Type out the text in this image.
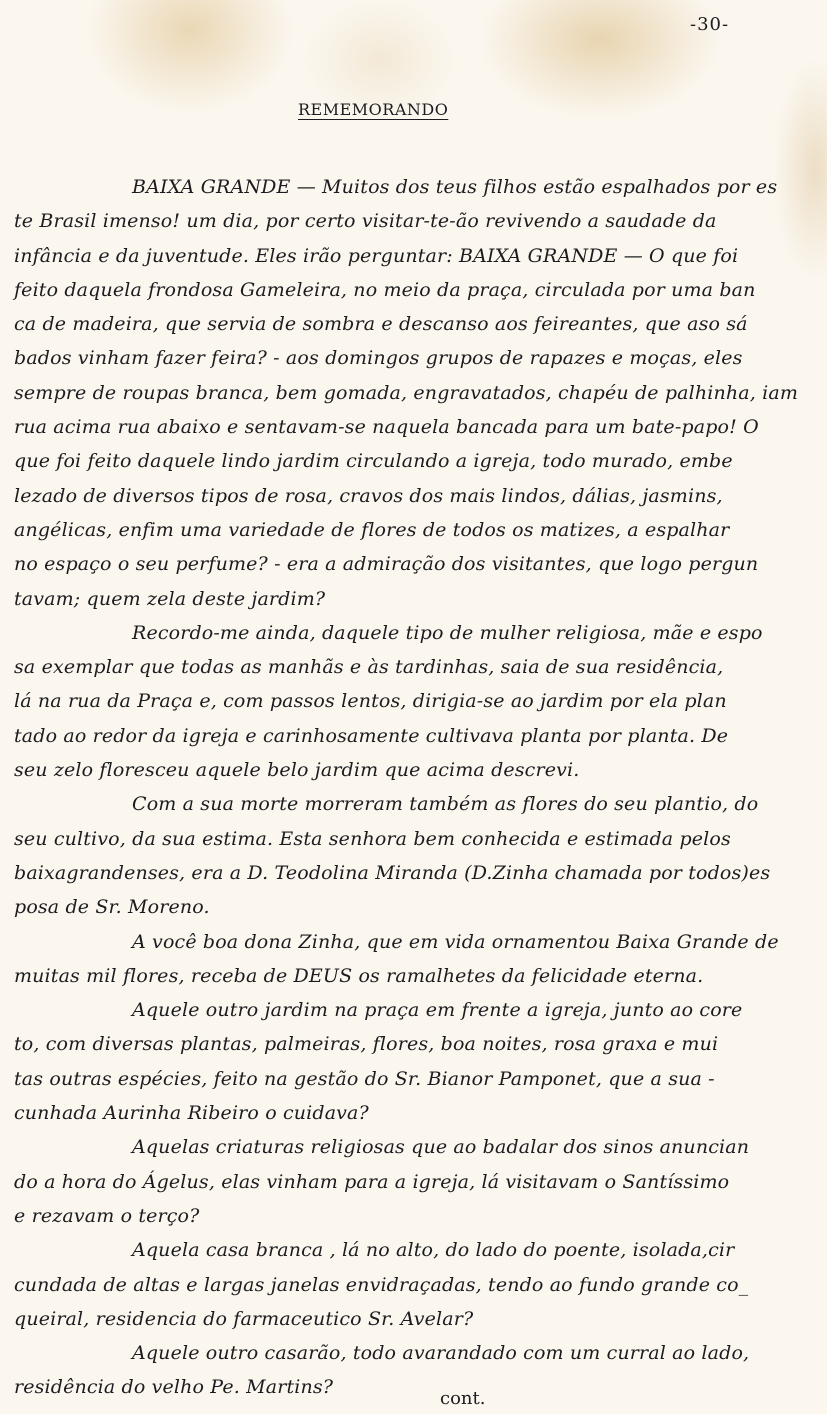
-30-
REMEMORANDO
BAIXA GRANDE — Muitos dos teus filhos estão espalhados por es
te Brasil imenso! um dia, por certo visitar-te-ão revivendo a saudade da
infância e da juventude. Eles irão perguntar: BAIXA GRANDE — O que foi
feito daquela frondosa Gameleira, no meio da praça, circulada por uma ban
ca de madeira, que servia de sombra e descanso aos feireantes, que aso sá
bados vinham fazer feira? - aos domingos grupos de rapazes e moças, eles
sempre de roupas branca, bem gomada, engravatados, chapéu de palhinha, iam
rua acima rua abaixo e sentavam-se naquela bancada para um bate-papo! O
que foi feito daquele lindo jardim circulando a igreja, todo murado, embe
lezado de diversos tipos de rosa, cravos dos mais lindos, dálias, jasmins,
angélicas, enfim uma variedade de flores de todos os matizes, a espalhar
no espaço o seu perfume? - era a admiração dos visitantes, que logo pergun
tavam; quem zela deste jardim?
Recordo-me ainda, daquele tipo de mulher religiosa, mãe e espo
sa exemplar que todas as manhãs e às tardinhas, saia de sua residência,
lá na rua da Praça e, com passos lentos, dirigia-se ao jardim por ela plan
tado ao redor da igreja e carinhosamente cultivava planta por planta. De
seu zelo floresceu aquele belo jardim que acima descrevi.
Com a sua morte morreram também as flores do seu plantio, do
seu cultivo, da sua estima. Esta senhora bem conhecida e estimada pelos
baixagrandenses, era a D. Teodolina Miranda (D.Zinha chamada por todos)es
posa de Sr. Moreno.
A você boa dona Zinha, que em vida ornamentou Baixa Grande de
muitas mil flores, receba de DEUS os ramalhetes da felicidade eterna.
Aquele outro jardim na praça em frente a igreja, junto ao core
to, com diversas plantas, palmeiras, flores, boa noites, rosa graxa e mui
tas outras espécies, feito na gestão do Sr. Bianor Pamponet, que a sua -
cunhada Aurinha Ribeiro o cuidava?
Aquelas criaturas religiosas que ao badalar dos sinos anuncian
do a hora do Ágelus, elas vinham para a igreja, lá visitavam o Santíssimo
e rezavam o terço?
Aquela casa branca , lá no alto, do lado do poente, isolada,cir
cundada de altas e largas janelas envidraçadas, tendo ao fundo grande co_
queiral, residencia do farmaceutico Sr. Avelar?
Aquele outro casarão, todo avarandado com um curral ao lado,
residência do velho Pe. Martins?
cont.
